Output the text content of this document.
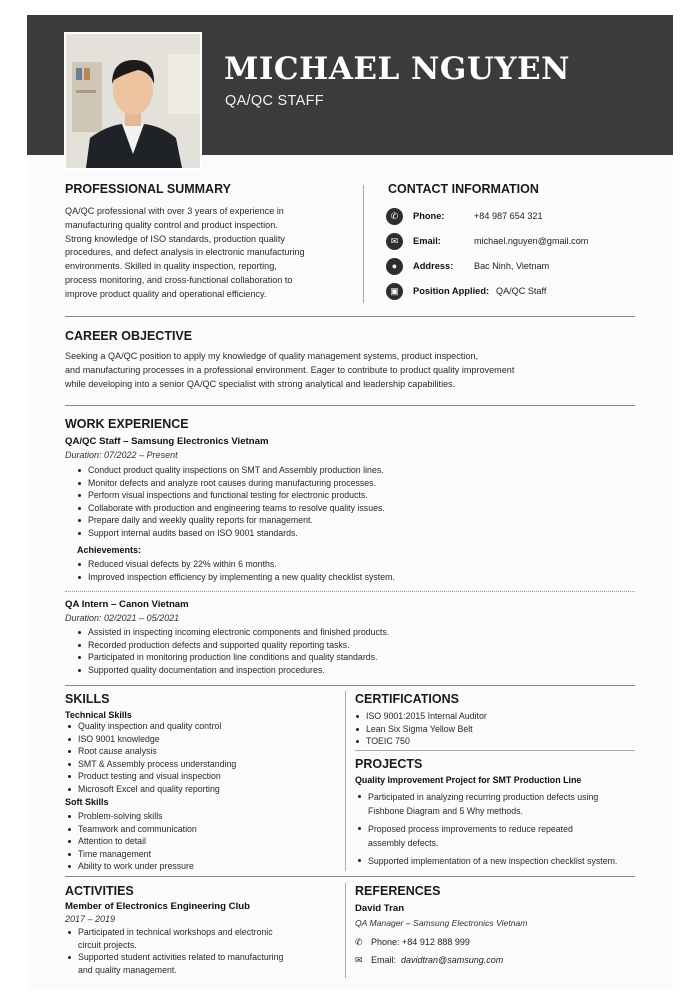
MICHAEL NGUYEN
QA/QC STAFF
PROFESSIONAL SUMMARY
QA/QC professional with over 3 years of experience in
manufacturing quality control and product inspection.
Strong knowledge of ISO standards, production quality
procedures, and defect analysis in electronic manufacturing
environments. Skilled in quality inspection, reporting,
process monitoring, and cross-functional collaboration to
improve product quality and operational efficiency.
CONTACT INFORMATION
✆	Phone:	+84 987 654 321
✉	Email:	michael.nguyen@gmail.com
●	Address: Bac Ninh, Vietnam
▣	Position Applied: QA/QC Staff
CAREER OBJECTIVE
Seeking a QA/QC position to apply my knowledge of quality management systems, product inspection,
and manufacturing processes in a professional environment. Eager to contribute to product quality improvement
while developing into a senior QA/QC specialist with strong analytical and leadership capabilities.
WORK EXPERIENCE
QA/QC Staff – Samsung Electronics Vietnam
Duration: 07/2022 – Present
Conduct product quality inspections on SMT and Assembly production lines.
Monitor defects and analyze root causes during manufacturing processes.
Perform visual inspections and functional testing for electronic products.
Collaborate with production and engineering teams to resolve quality issues.
Prepare daily and weekly quality reports for management.
Support internal audits based on ISO 9001 standards.
Achievements:
Reduced visual defects by 22% within 6 months.
Improved inspection efficiency by implementing a new quality checklist system.
QA Intern – Canon Vietnam
Duration: 02/2021 – 05/2021
Assisted in inspecting incoming electronic components and finished products.
Recorded production defects and supported quality reporting tasks.
Participated in monitoring production line conditions and quality standards.
Supported quality documentation and inspection procedures.
SKILLS
Technical Skills
Quality inspection and quality control
ISO 9001 knowledge
Root cause analysis
SMT & Assembly process understanding
Product testing and visual inspection
Microsoft Excel and quality reporting
Soft Skills
Problem-solving skills
Teamwork and communication
Attention to detail
Time management
Ability to work under pressure
CERTIFICATIONS
ISO 9001:2015 Internal Auditor
Lean Six Sigma Yellow Belt
TOEIC 750
PROJECTS
Quality Improvement Project for SMT Production Line
Participated in analyzing recurring production defects using
Fishbone Diagram and 5 Why methods.
Proposed process improvements to reduce repeated
assembly defects.
Supported implementation of a new inspection checklist system.
ACTIVITIES
Member of Electronics Engineering Club
2017 – 2019
Participated in technical workshops and electronic
circuit projects.
Supported student activities related to manufacturing
and quality management.
REFERENCES
David Tran
QA Manager – Samsung Electronics Vietnam
✆ Phone: +84 912 888 999
✉ Email: davidtran@samsung.com
